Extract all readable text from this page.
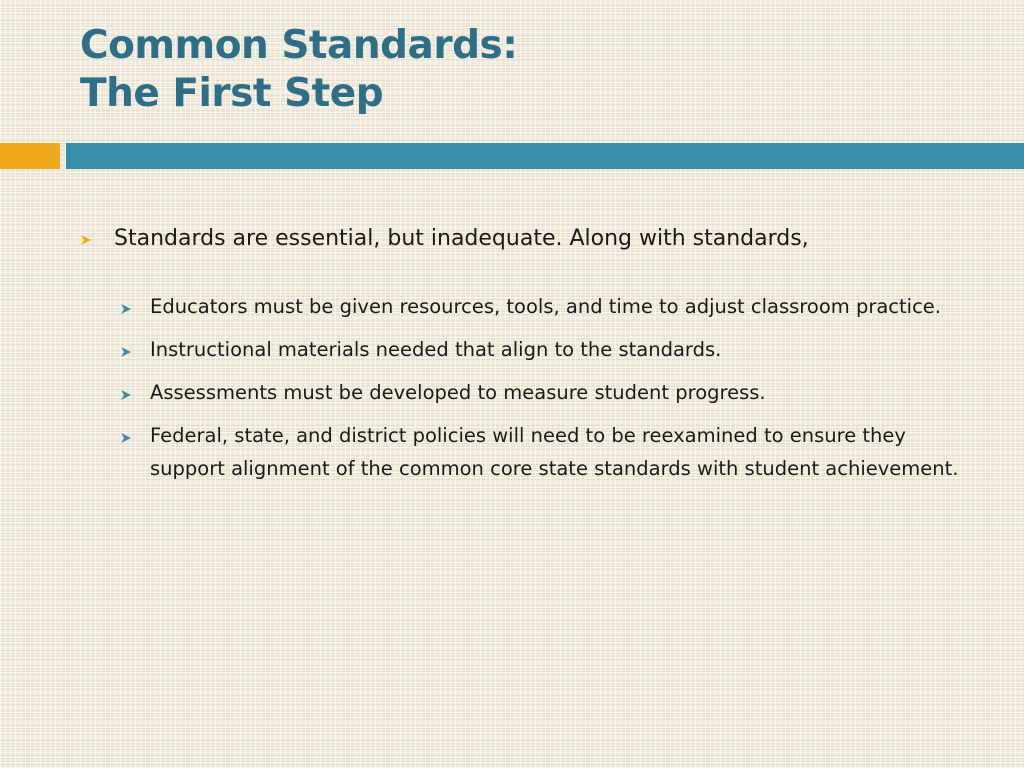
Common Standards:
The First Step
Standards are essential, but inadequate. Along with standards,
Educators must be given resources, tools, and time to adjust classroom practice.
Instructional materials needed that align to the standards.
Assessments must be developed to measure student progress.
Federal, state, and district policies will need to be reexamined to ensure they support alignment of the common core state standards with student achievement.
